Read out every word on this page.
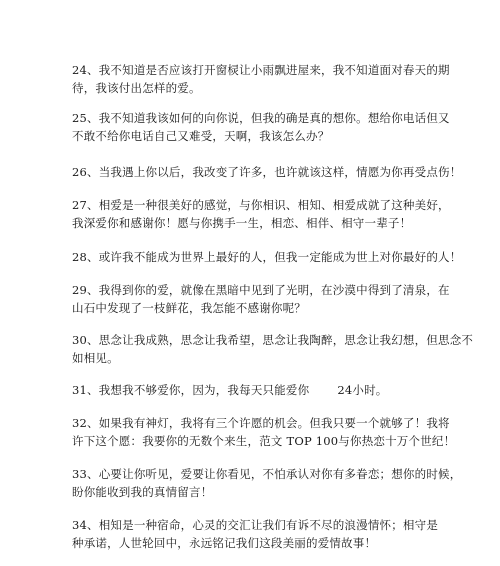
24、我不知道是否应该打开窗棂让小雨飘进屋来，我不知道面对春天的期
待，我该付出怎样的爱。
25、我不知道我该如何的向你说，但我的确是真的想你。想给你电话但又
不敢不给你电话自己又难受，天啊，我该怎么办？
26、当我遇上你以后，我改变了许多，也许就该这样，情愿为你再受点伤！
27、相爱是一种很美好的感觉，与你相识、相知、相爱成就了这种美好，
我深爱你和感谢你！愿与你携手一生，相恋、相伴、相守一辈子！
28、或许我不能成为世界上最好的人，但我一定能成为世上对你最好的人！
29、我得到你的爱，就像在黑暗中见到了光明，在沙漠中得到了清泉，在
山石中发现了一枝鲜花，我怎能不感谢你呢？
30、思念让我成熟，思念让我希望，思念让我陶醉，思念让我幻想，但思念不
如相见。
31、我想我不够爱你，因为，我每天只能爱你 24小时。
32、如果我有神灯，我将有三个许愿的机会。但我只要一个就够了！我将
许下这个愿：我要你的无数个来生，范文 TOP 100与你热恋十万个世纪！
33、心要让你听见，爱要让你看见，不怕承认对你有多眷恋；想你的时候，
盼你能收到我的真情留言！
34、相知是一种宿命，心灵的交汇让我们有诉不尽的浪漫情怀；相守是
种承诺，人世轮回中，永远铭记我们这段美丽的爱情故事！
